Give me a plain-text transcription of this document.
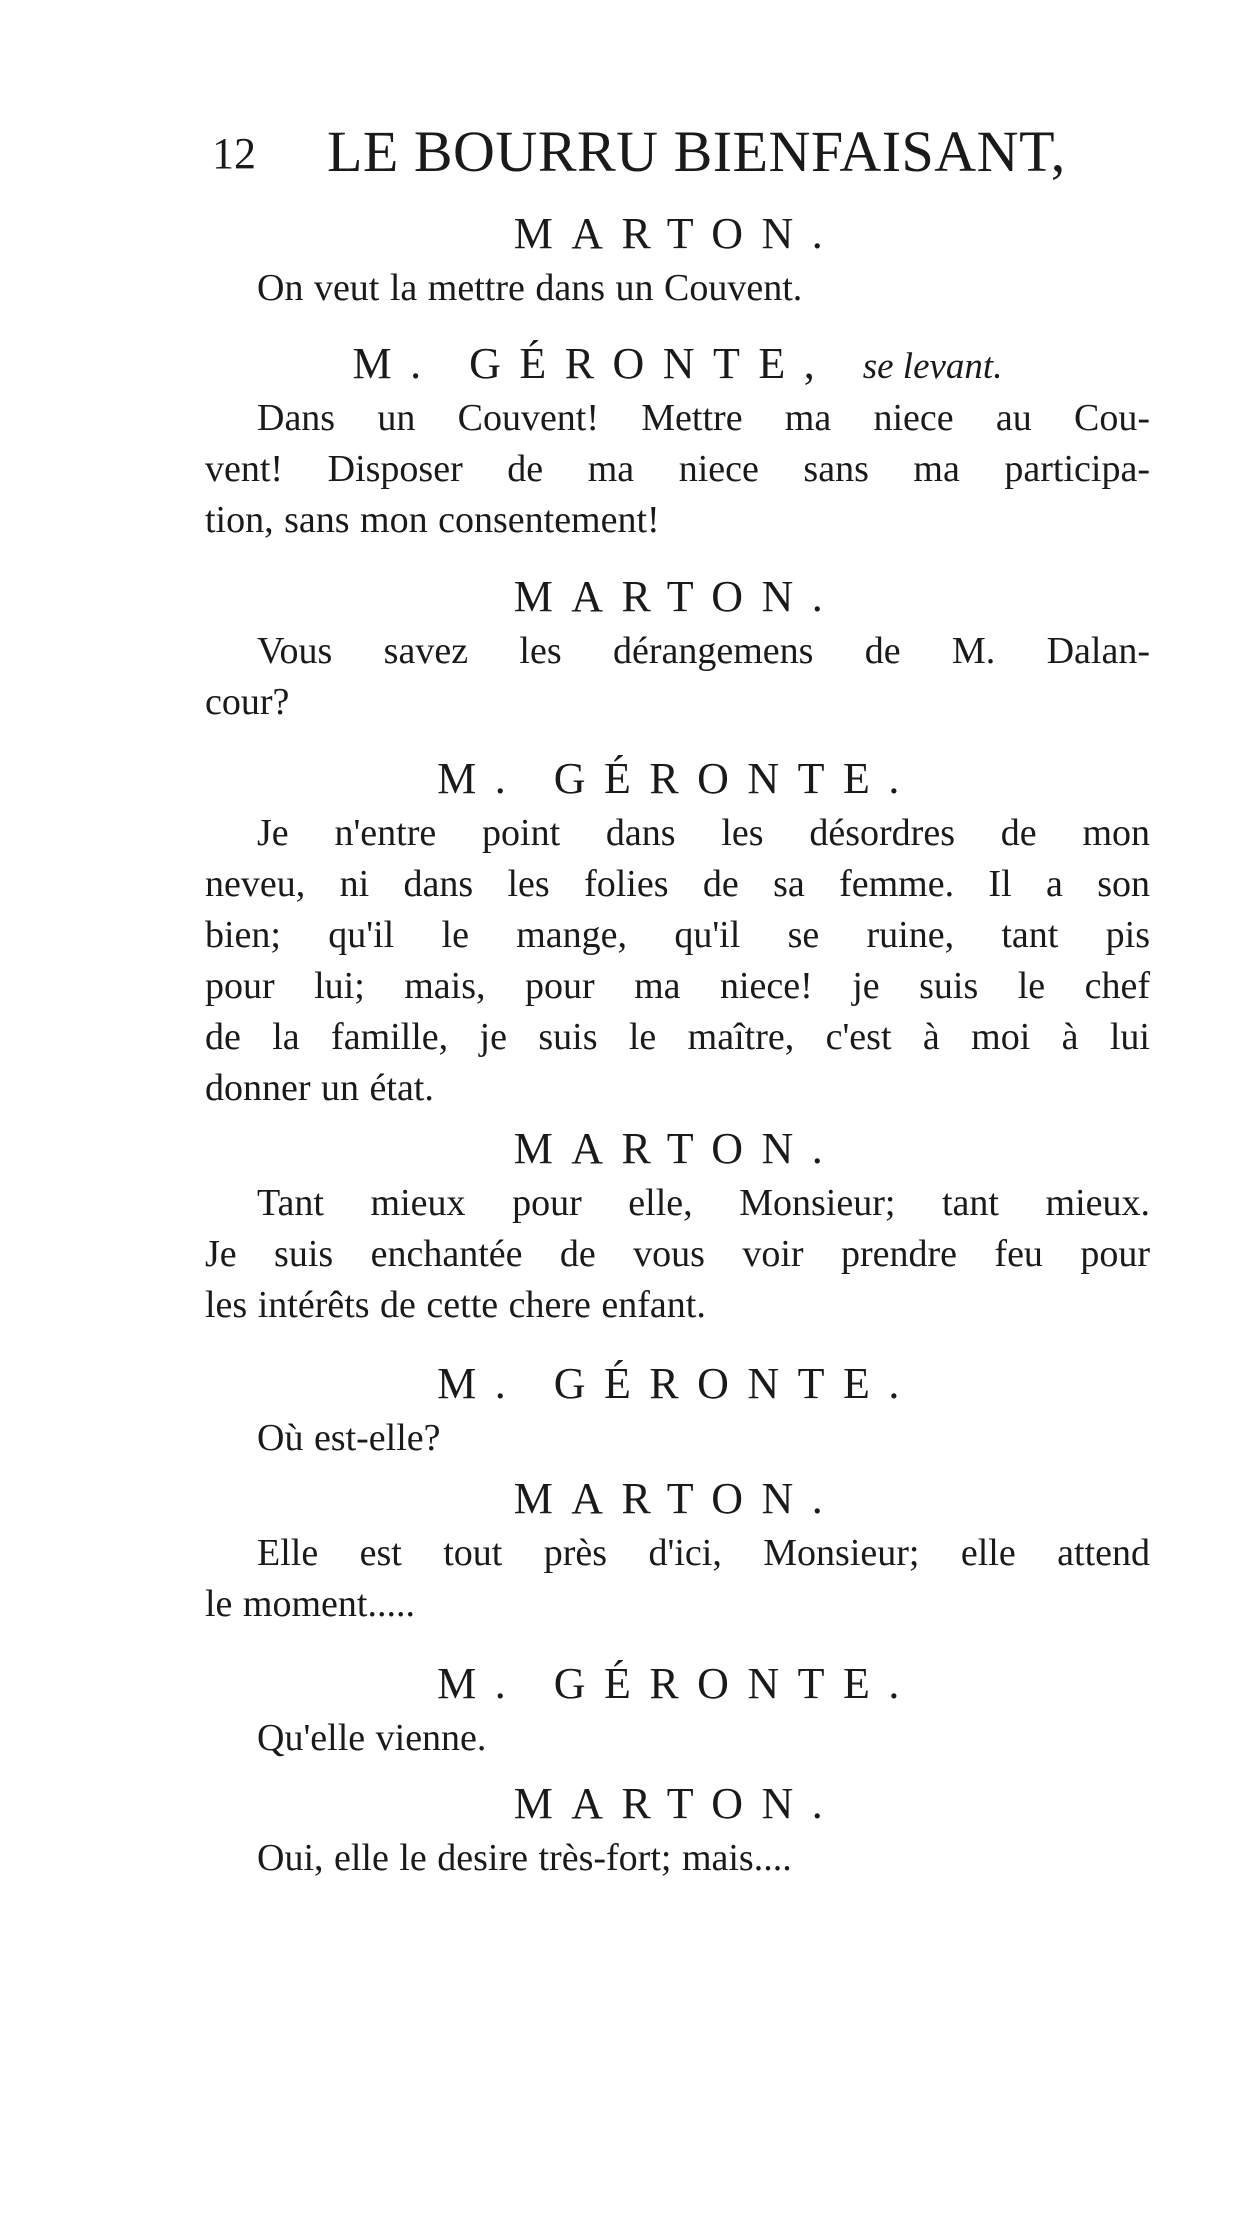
12 LE BOURRU BIENFAISANT,
MARTON.
On veut la mettre dans un Couvent.
M. GÉRONTE, se levant.
Dans un Couvent! Mettre ma niece au Cou-
vent! Disposer de ma niece sans ma participa-
tion, sans mon consentement!
MARTON.
Vous savez les dérangemens de M. Dalan-
cour?
M. GÉRONTE.
Je n'entre point dans les désordres de mon
neveu, ni dans les folies de sa femme. Il a son
bien; qu'il le mange, qu'il se ruine, tant pis
pour lui; mais, pour ma niece! je suis le chef
de la famille, je suis le maître, c'est à moi à lui
donner un état.
MARTON.
Tant mieux pour elle, Monsieur; tant mieux.
Je suis enchantée de vous voir prendre feu pour
les intérêts de cette chere enfant.
M. GÉRONTE.
Où est-elle?
MARTON.
Elle est tout près d'ici, Monsieur; elle attend
le moment.....
M. GÉRONTE.
Qu'elle vienne.
MARTON.
Oui, elle le desire très-fort; mais....
